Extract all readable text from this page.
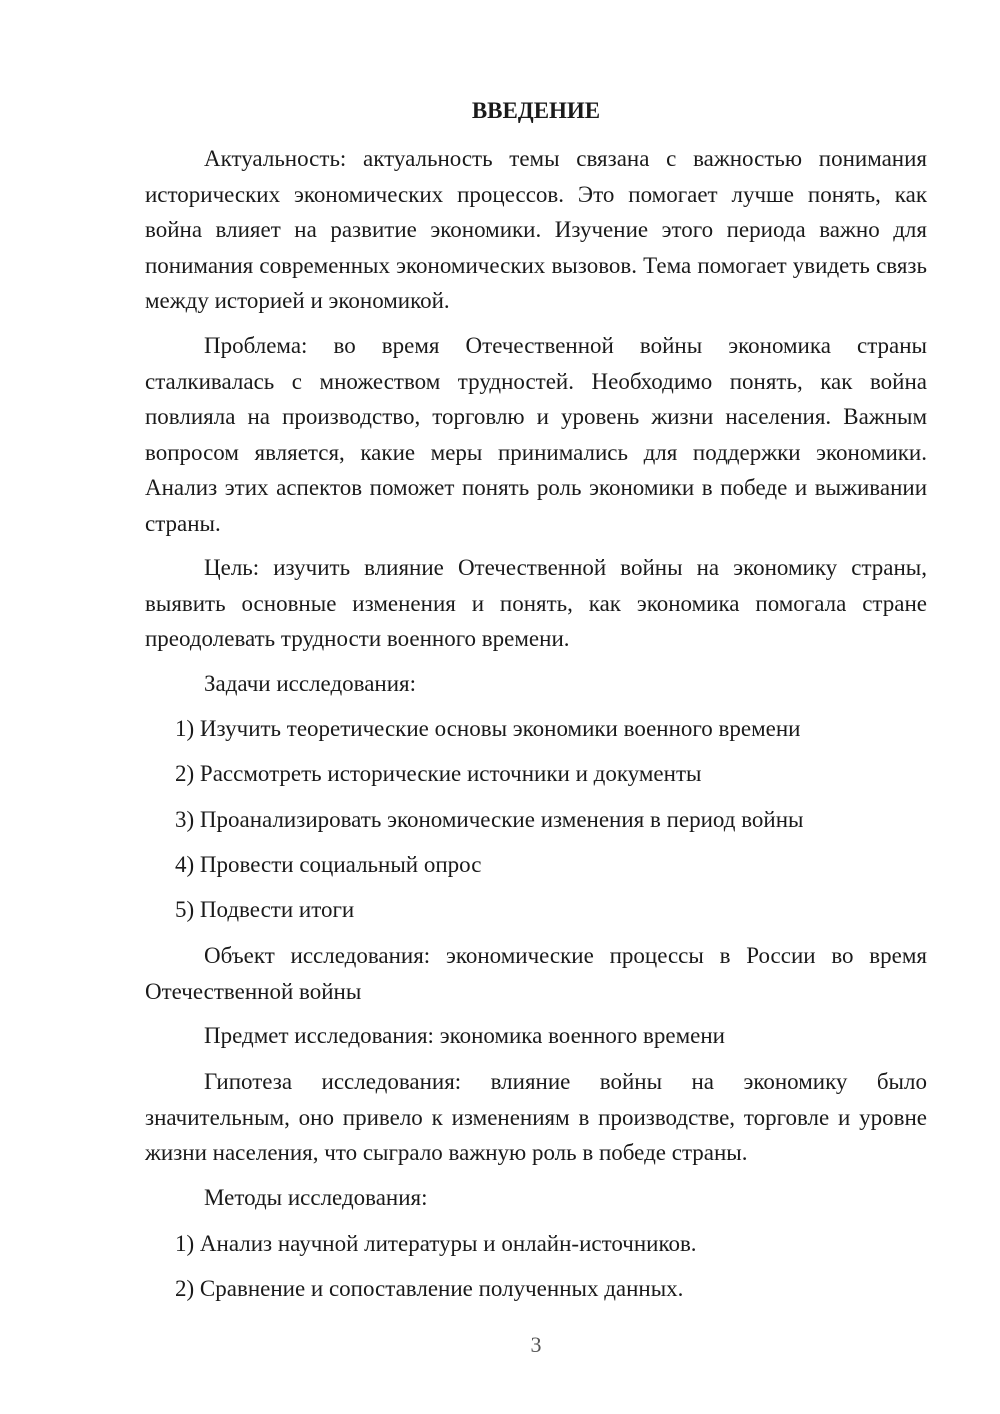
ВВЕДЕНИЕ

Актуальность: актуальность темы связана с важностью понимания исторических экономических процессов. Это помогает лучше понять, как война влияет на развитие экономики. Изучение этого периода важно для понимания современных экономических вызовов. Тема помогает увидеть связь между историей и экономикой.

Проблема: во время Отечественной войны экономика страны сталкивалась с множеством трудностей. Необходимо понять, как война повлияла на производство, торговлю и уровень жизни населения. Важным вопросом является, какие меры принимались для поддержки экономики. Анализ этих аспектов поможет понять роль экономики в победе и выживании страны.

Цель: изучить влияние Отечественной войны на экономику страны, выявить основные изменения и понять, как экономика помогала стране преодолевать трудности военного времени.

Задачи исследования:

1) Изучить теоретические основы экономики военного времени

2) Рассмотреть исторические источники и документы

3) Проанализировать экономические изменения в период войны

4) Провести социальный опрос

5) Подвести итоги

Объект исследования: экономические процессы в России во время Отечественной войны

Предмет исследования: экономика военного времени

Гипотеза исследования: влияние войны на экономику было значительным, оно привело к изменениям в производстве, торговле и уровне жизни населения, что сыграло важную роль в победе страны.

Методы исследования:

1) Анализ научной литературы и онлайн-источников.

2) Сравнение и сопоставление полученных данных.

3
